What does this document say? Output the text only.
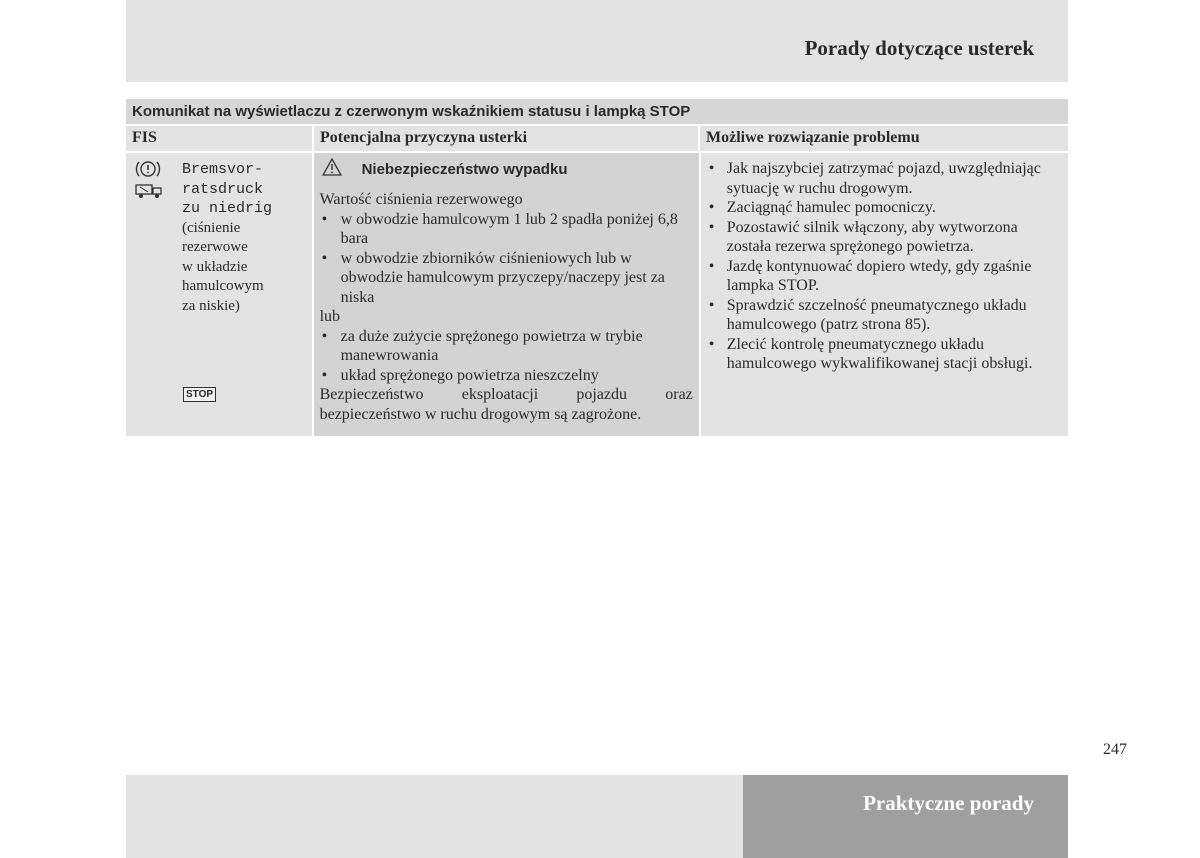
Porady dotyczące usterek
Komunikat na wyświetlaczu z czerwonym wskaźnikiem statusu i lampką STOP
FIS	Potencjalna przyczyna usterki	Możliwe rozwiązanie problemu
Bremsvor-
ratsdruck
zu niedrig
(ciśnienie
rezerwowe
w układzie
hamulcowym
za niskie)
STOP
Niebezpieczeństwo wypadku
Wartość ciśnienia rezerwowego
• w obwodzie hamulcowym 1 lub 2 spadła poniżej 6,8 bara
• w obwodzie zbiorników ciśnieniowych lub w obwodzie hamulcowym przyczepy/naczepy jest za niska
lub
• za duże zużycie sprężonego powietrza w trybie manewrowania
• układ sprężonego powietrza nieszczelny
Bezpieczeństwo eksploatacji pojazdu oraz bezpieczeństwo w ruchu drogowym są zagrożone.
• Jak najszybciej zatrzymać pojazd, uwzględniając sytuację w ruchu drogowym.
• Zaciągnąć hamulec pomocniczy.
• Pozostawić silnik włączony, aby wytworzona została rezerwa sprężonego powietrza.
• Jazdę kontynuować dopiero wtedy, gdy zgaśnie lampka STOP.
• Sprawdzić szczelność pneumatycznego układu hamulcowego (patrz strona 85).
• Zlecić kontrolę pneumatycznego układu hamulcowego wykwalifikowanej stacji obsługi.
247
Praktyczne porady
